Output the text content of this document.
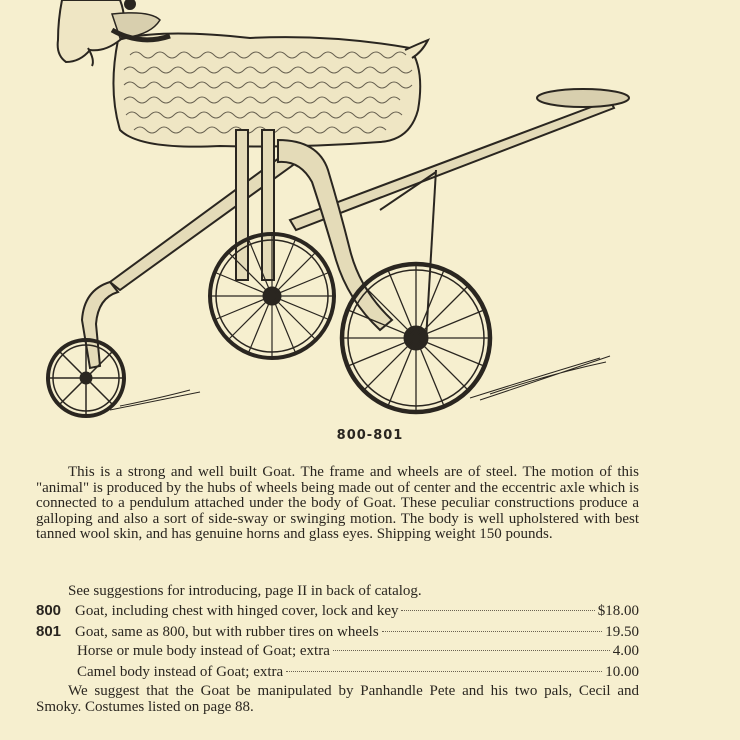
800-801

This is a strong and well built Goat. The frame and wheels are of steel. The motion of this "animal" is produced by the hubs of wheels being made out of center and the eccentric axle which is connected to a pendulum attached under the body of Goat. These peculiar constructions produce a galloping and also a sort of side-sway or swinging motion. The body is well upholstered with best tanned wool skin, and has genuine horns and glass eyes. Shipping weight 150 pounds.

See suggestions for introducing, page II in back of catalog.
800 Goat, including chest with hinged cover, lock and key	$18.00
801 Goat, same as 800, but with rubber tires on wheels	19.50
Horse or mule body instead of Goat; extra	4.00
Camel body instead of Goat; extra	10.00

We suggest that the Goat be manipulated by Panhandle Pete and his two pals, Cecil and Smoky. Costumes listed on page 88.
